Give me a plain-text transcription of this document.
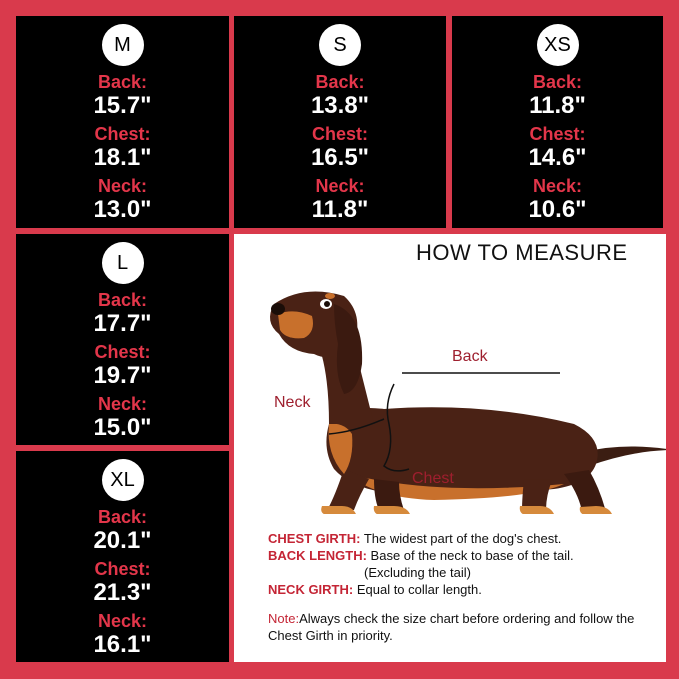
M
Back:
15.7"
Chest:
18.1"
Neck:
13.0"
S
Back:
13.8"
Chest:
16.5"
Neck:
11.8"
XS
Back:
11.8"
Chest:
14.6"
Neck:
10.6"
L
Back:
17.7"
Chest:
19.7"
Neck:
15.0"
XL
Back:
20.1"
Chest:
21.3"
Neck:
16.1"
HOW TO MEASURE
Back
Neck
Chest
CHEST GIRTH: The widest part of the dog's chest.
BACK LENGTH: Base of the neck to base of the tail.
(Excluding the tail)
NECK GIRTH: Equal to collar length.
Note:Always check the size chart before ordering and follow the Chest Girth in priority.
